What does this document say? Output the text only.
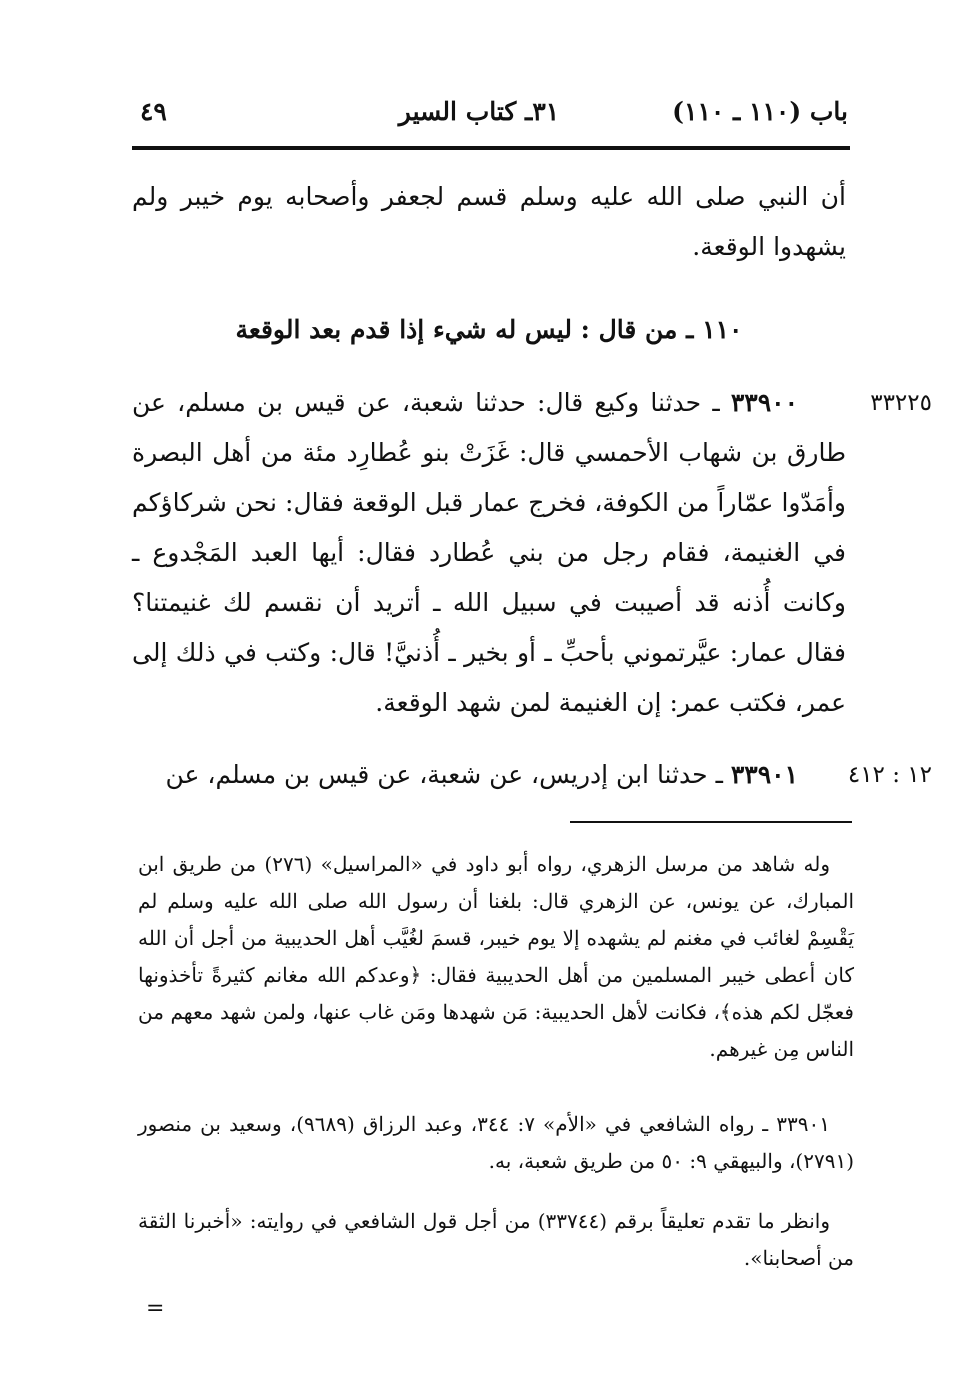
باب (١١٠ ـ ١١٠)
٣١ـ كتاب السير
٤٩

أن النبي صلى الله عليه وسلم قسم لجعفر وأصحابه يوم خيبر ولم يشهدوا الوقعة.

١١٠ ـ من قال : ليس له شيء إذا قدم بعد الوقعة
٣٣٢٢٥

٣٣٩٠٠ ـ حدثنا وكيع قال: حدثنا شعبة، عن قيس بن مسلم، عن طارق بن شهاب الأحمسي قال: غَزَتْ بنو عُطارِد مئة من أهل البصرة وأمَدّوا عمّاراً من الكوفة، فخرج عمار قبل الوقعة فقال: نحن شركاؤكم في الغنيمة، فقام رجل من بني عُطارد فقال: أيها العبد المَجْدوع ـ وكانت أُذنه قد أصيبت في سبيل الله ـ أتريد أن نقسم لك غنيمتنا؟ فقال عمار: عيَّرتموني بأحبِّ ـ أو بخير ـ أُذنيَّ! قال: وكتب في ذلك إلى عمر، فكتب عمر: إن الغنيمة لمن شهد الوقعة.

١٢ : ٤١٢

٣٣٩٠١ ـ حدثنا ابن إدريس، عن شعبة، عن قيس بن مسلم، عن

وله شاهد من مرسل الزهري، رواه أبو داود في «المراسيل» (٢٧٦) من طريق ابن المبارك، عن يونس، عن الزهري قال: بلغنا أن رسول الله صلى الله عليه وسلم لم يَقْسِمْ لغائب في مغنم لم يشهده إلا يوم خيبر، قسمَ لغُيَّب أهل الحديبية من أجل أن الله كان أعطى خيبر المسلمين من أهل الحديبية فقال: ﴿وعدكم الله مغانم كثيرةً تأخذونها فعجّل لكم هذه﴾، فكانت لأهل الحديبية: مَن شهدها ومَن غاب عنها، ولمن شهد معهم من الناس مِن غيرهم.

٣٣٩٠١ ـ رواه الشافعي في «الأم» ٧: ٣٤٤، وعبد الرزاق (٩٦٨٩)، وسعيد بن منصور (٢٧٩١)، والبيهقي ٩: ٥٠ من طريق شعبة، به.

وانظر ما تقدم تعليقاً برقم (٣٣٧٤٤) من أجل قول الشافعي في روايته: «أخبرنا الثقة من أصحابنا».

=
